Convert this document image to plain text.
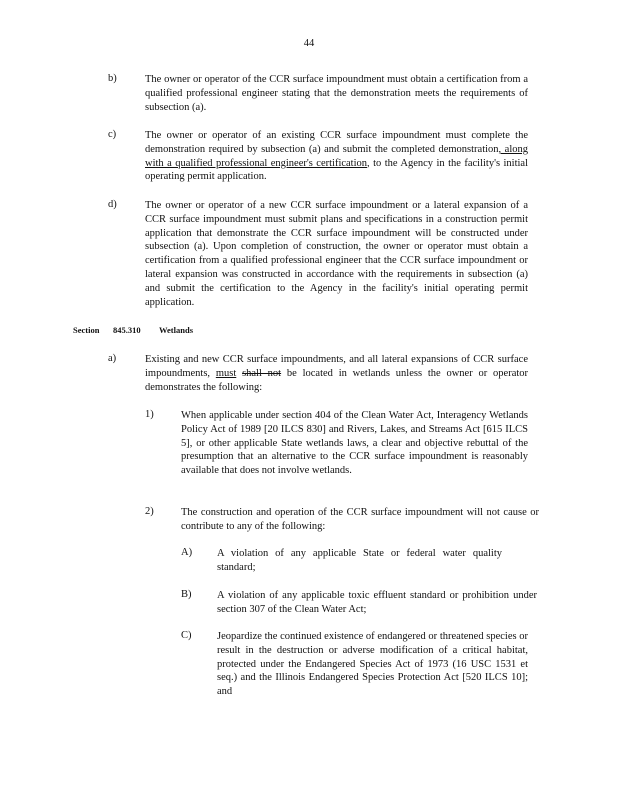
44
b)	The owner or operator of the CCR surface impoundment must obtain a certification from a qualified professional engineer stating that the demonstration meets the requirements of subsection (a).
c)	The owner or operator of an existing CCR surface impoundment must complete the demonstration required by subsection (a) and submit the completed demonstration, along with a qualified professional engineer's certification, to the Agency in the facility's initial operating permit application.
d)	The owner or operator of a new CCR surface impoundment or a lateral expansion of a CCR surface impoundment must submit plans and specifications in a construction permit application that demonstrate the CCR surface impoundment will be constructed under subsection (a). Upon completion of construction, the owner or operator must obtain a certification from a qualified professional engineer that the CCR surface impoundment or lateral expansion was constructed in accordance with the requirements in subsection (a) and submit the certification to the Agency in the facility's initial operating permit application.
Section 845.310 Wetlands
a)	Existing and new CCR surface impoundments, and all lateral expansions of CCR surface impoundments, must shall not be located in wetlands unless the owner or operator demonstrates the following:
1)	When applicable under section 404 of the Clean Water Act, Interagency Wetlands Policy Act of 1989 [20 ILCS 830] and Rivers, Lakes, and Streams Act [615 ILCS 5], or other applicable State wetlands laws, a clear and objective rebuttal of the presumption that an alternative to the CCR surface impoundment is reasonably available that does not involve wetlands.
2)	The construction and operation of the CCR surface impoundment will not cause or contribute to any of the following:
A) A violation of any applicable State or federal water quality standard;
B) A violation of any applicable toxic effluent standard or prohibition under section 307 of the Clean Water Act;
C) Jeopardize the continued existence of endangered or threatened species or result in the destruction or adverse modification of a critical habitat, protected under the Endangered Species Act of 1973 (16 USC 1531 et seq.) and the Illinois Endangered Species Protection Act [520 ILCS 10]; and
